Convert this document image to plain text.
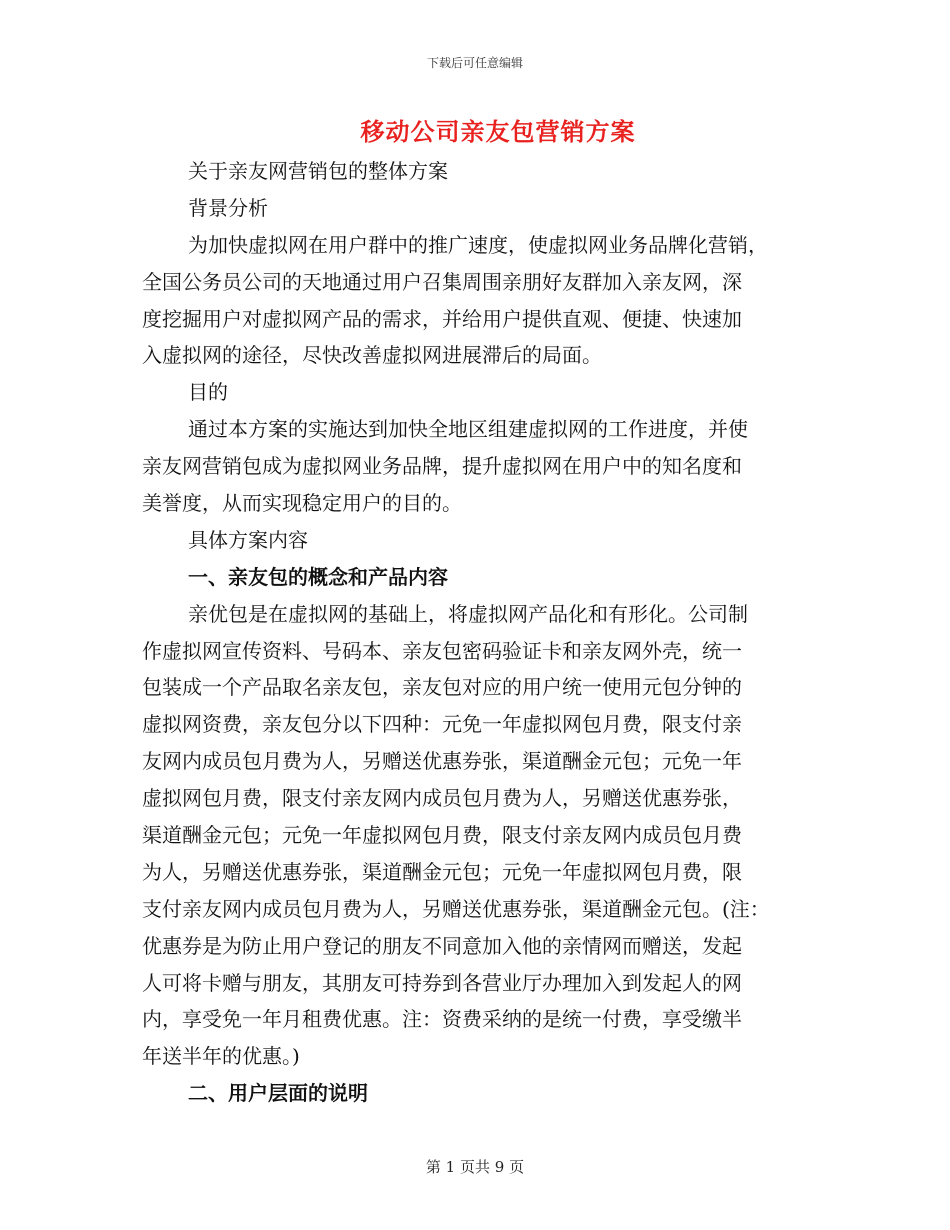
下载后可任意编辑
移动公司亲友包营销方案
关于亲友网营销包的整体方案
背景分析
为加快虚拟网在用户群中的推广速度，使虚拟网业务品牌化营销，
全国公务员公司的天地通过用户召集周围亲朋好友群加入亲友网，深
度挖掘用户对虚拟网产品的需求，并给用户提供直观、便捷、快速加
入虚拟网的途径，尽快改善虚拟网进展滞后的局面。
目的
通过本方案的实施达到加快全地区组建虚拟网的工作进度，并使
亲友网营销包成为虚拟网业务品牌，提升虚拟网在用户中的知名度和
美誉度，从而实现稳定用户的目的。
具体方案内容
一、亲友包的概念和产品内容
亲优包是在虚拟网的基础上，将虚拟网产品化和有形化。公司制
作虚拟网宣传资料、号码本、亲友包密码验证卡和亲友网外壳，统一
包装成一个产品取名亲友包，亲友包对应的用户统一使用元包分钟的
虚拟网资费，亲友包分以下四种：元免一年虚拟网包月费，限支付亲
友网内成员包月费为人，另赠送优惠券张，渠道酬金元包；元免一年
虚拟网包月费，限支付亲友网内成员包月费为人，另赠送优惠券张，
渠道酬金元包；元免一年虚拟网包月费，限支付亲友网内成员包月费
为人，另赠送优惠券张，渠道酬金元包；元免一年虚拟网包月费，限
支付亲友网内成员包月费为人，另赠送优惠券张，渠道酬金元包。(注：
优惠券是为防止用户登记的朋友不同意加入他的亲情网而赠送，发起
人可将卡赠与朋友，其朋友可持券到各营业厅办理加入到发起人的网
内，享受免一年月租费优惠。注：资费采纳的是统一付费，享受缴半
年送半年的优惠。)
二、用户层面的说明
第 1 页共 9 页
